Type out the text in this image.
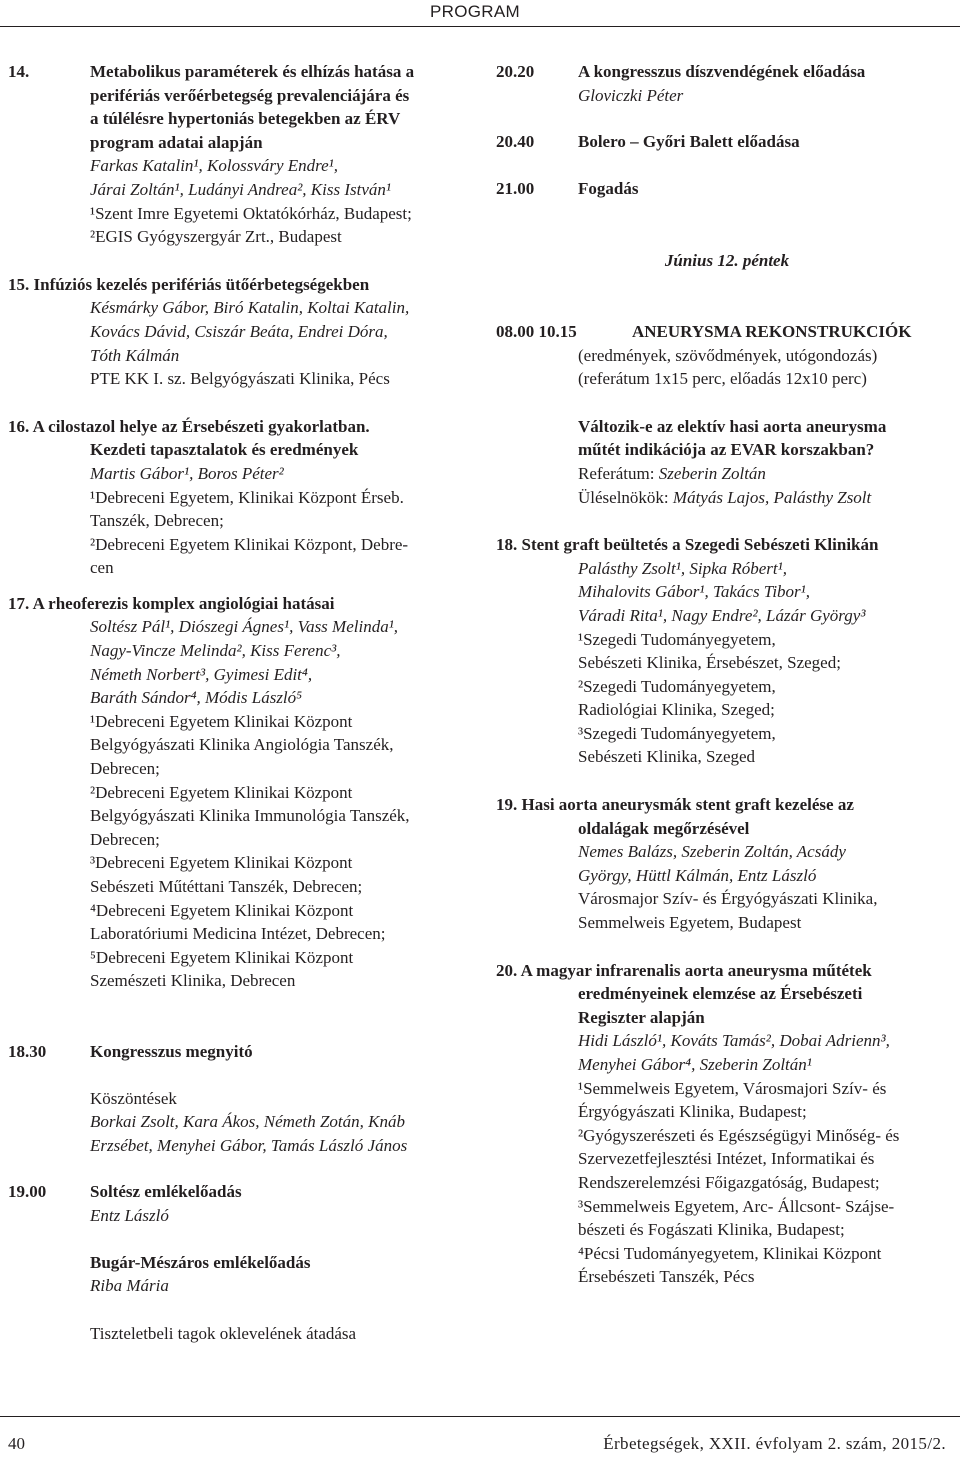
PROGRAM
14.	Metabolikus paraméterek és elhízás hatása a
perifériás verőérbetegség prevalenciájára és
a túlélésre hypertoniás betegekben az ÉRV
program adatai alapján
Farkas Katalin¹, Kolossváry Endre¹,
Járai Zoltán¹, Ludányi Andrea², Kiss István¹
¹Szent Imre Egyetemi Oktatókórház, Budapest;
²EGIS Gyógyszergyár Zrt., Budapest
15. Infúziós kezelés perifériás ütőérbetegségekben
Késmárky Gábor, Biró Katalin, Koltai Katalin,
Kovács Dávid, Csiszár Beáta, Endrei Dóra,
Tóth Kálmán
PTE KK I. sz. Belgyógyászati Klinika, Pécs
16. A cilostazol helye az Érsebészeti gyakorlatban.
Kezdeti tapasztalatok és eredmények
Martis Gábor¹, Boros Péter²
¹Debreceni Egyetem, Klinikai Központ Érseb.
Tanszék, Debrecen;
²Debreceni Egyetem Klinikai Központ, Debre-
cen
17. A rheoferezis komplex angiológiai hatásai
Soltész Pál¹, Diószegi Ágnes¹, Vass Melinda¹,
Nagy-Vincze Melinda², Kiss Ferenc³,
Németh Norbert³, Gyimesi Edit⁴,
Baráth Sándor⁴, Módis László⁵
¹Debreceni Egyetem Klinikai Központ
Belgyógyászati Klinika Angiológia Tanszék,
Debrecen;
²Debreceni Egyetem Klinikai Központ
Belgyógyászati Klinika Immunológia Tanszék,
Debrecen;
³Debreceni Egyetem Klinikai Központ
Sebészeti Műtéttani Tanszék, Debrecen;
⁴Debreceni Egyetem Klinikai Központ
Laboratóriumi Medicina Intézet, Debrecen;
⁵Debreceni Egyetem Klinikai Központ
Szemészeti Klinika, Debrecen
18.30	Kongresszus megnyitó
Köszöntések
Borkai Zsolt, Kara Ákos, Németh Zotán, Knáb
Erzsébet, Menyhei Gábor, Tamás László János
19.00	Soltész emlékelőadás
Entz László
Bugár-Mészáros emlékelőadás
Riba Mária
Tiszteletbeli tagok oklevelének átadása
20.20	A kongresszus díszvendégének előadása
Gloviczki Péter
20.40	Bolero – Győri Balett előadása
21.00	Fogadás
Június 12. péntek
08.00 10.15	ANEURYSMA REKONSTRUKCIÓK
(eredmények, szövődmények, utógondozás)
(referátum 1x15 perc, előadás 12x10 perc)
Változik-e az elektív hasi aorta aneurysma
műtét indikációja az EVAR korszakban?
Referátum: Szeberin Zoltán
Üléselnökök: Mátyás Lajos, Palásthy Zsolt
18. Stent graft beültetés a Szegedi Sebészeti Klinikán
Palásthy Zsolt¹, Sipka Róbert¹,
Mihalovits Gábor¹, Takács Tibor¹,
Váradi Rita¹, Nagy Endre², Lázár György³
¹Szegedi Tudományegyetem,
Sebészeti Klinika, Érsebészet, Szeged;
²Szegedi Tudományegyetem,
Radiológiai Klinika, Szeged;
³Szegedi Tudományegyetem,
Sebészeti Klinika, Szeged
19. Hasi aorta aneurysmák stent graft kezelése az
oldalágak megőrzésével
Nemes Balázs, Szeberin Zoltán, Acsády
György, Hüttl Kálmán, Entz László
Városmajor Szív- és Érgyógyászati Klinika,
Semmelweis Egyetem, Budapest
20. A magyar infrarenalis aorta aneurysma műtétek
eredményeinek elemzése az Érsebészeti
Regiszter alapján
Hidi László¹, Kováts Tamás², Dobai Adrienn³,
Menyhei Gábor⁴, Szeberin Zoltán¹
¹Semmelweis Egyetem, Városmajori Szív- és
Érgyógyászati Klinika, Budapest;
²Gyógyszerészeti és Egészségügyi Minőség- és
Szervezetfejlesztési Intézet, Informatikai és
Rendszerelemzési Főigazgatóság, Budapest;
³Semmelweis Egyetem, Arc- Állcsont- Szájse-
bészeti és Fogászati Klinika, Budapest;
⁴Pécsi Tudományegyetem, Klinikai Központ
Érsebészeti Tanszék, Pécs
40	Érbetegségek, XXII. évfolyam 2. szám, 2015/2.
